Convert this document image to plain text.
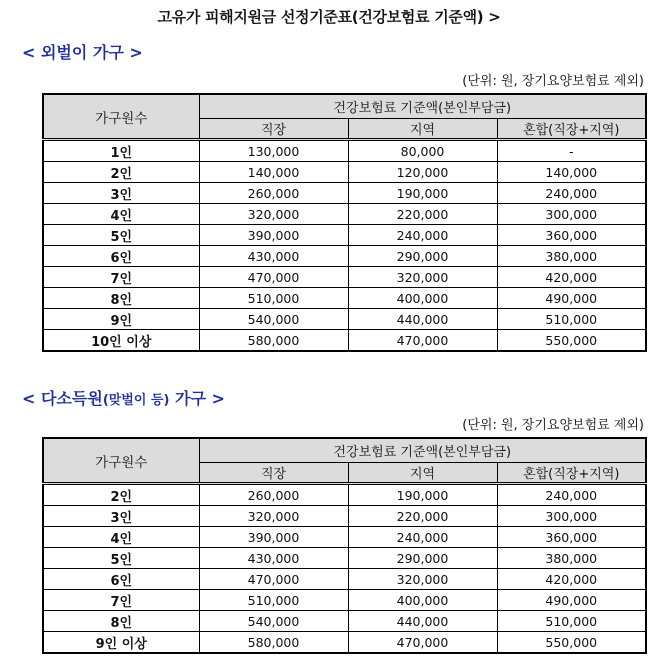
고유가 피해지원금 선정기준표(건강보험료 기준액) >
< 외벌이 가구 >
(단위: 원, 장기요양보험료 제외)
가구원수	건강보험료 기준액(본인부담금)		
	직장	지역	혼합(직장+지역)
1인	130,000	80,000	-
2인	140,000	120,000	140,000
3인	260,000	190,000	240,000
4인	320,000	220,000	300,000
5인	390,000	240,000	360,000
6인	430,000	290,000	380,000
7인	470,000	320,000	420,000
8인	510,000	400,000	490,000
9인	540,000	440,000	510,000
10인 이상	580,000	470,000	550,000
< 다소득원(맞벌이 등) 가구 >
(단위: 원, 장기요양보험료 제외)
가구원수	건강보험료 기준액(본인부담금)		
	직장	지역	혼합(직장+지역)
2인	260,000	190,000	240,000
3인	320,000	220,000	300,000
4인	390,000	240,000	360,000
5인	430,000	290,000	380,000
6인	470,000	320,000	420,000
7인	510,000	400,000	490,000
8인	540,000	440,000	510,000
9인 이상	580,000	470,000	550,000
